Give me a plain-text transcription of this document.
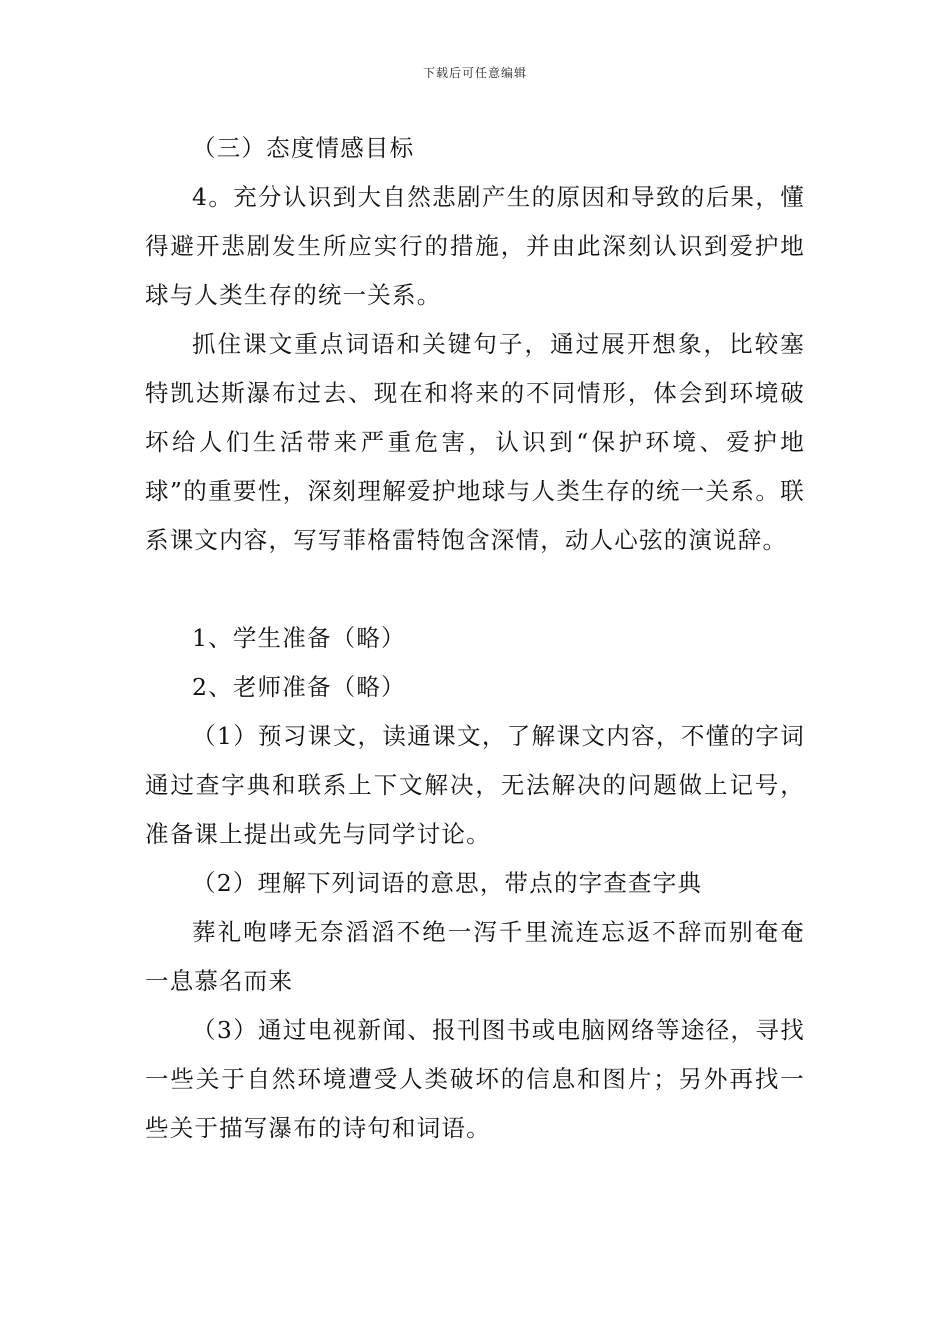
下载后可任意编辑

（三）态度情感目标

4。充分认识到大自然悲剧产生的原因和导致的后果，懂得避开悲剧发生所应实行的措施，并由此深刻认识到爱护地球与人类生存的统一关系。

抓住课文重点词语和关键句子，通过展开想象，比较塞特凯达斯瀑布过去、现在和将来的不同情形，体会到环境破坏给人们生活带来严重危害，认识到“保护环境、爱护地球”的重要性，深刻理解爱护地球与人类生存的统一关系。联系课文内容，写写菲格雷特饱含深情，动人心弦的演说辞。

1、学生准备（略）

2、老师准备（略）

（1）预习课文，读通课文，了解课文内容，不懂的字词通过查字典和联系上下文解决，无法解决的问题做上记号，准备课上提出或先与同学讨论。

（2）理解下列词语的意思，带点的字查查字典

葬礼咆哮无奈滔滔不绝一泻千里流连忘返不辞而别奄奄一息慕名而来

（3）通过电视新闻、报刊图书或电脑网络等途径，寻找一些关于自然环境遭受人类破坏的信息和图片；另外再找一些关于描写瀑布的诗句和词语。
